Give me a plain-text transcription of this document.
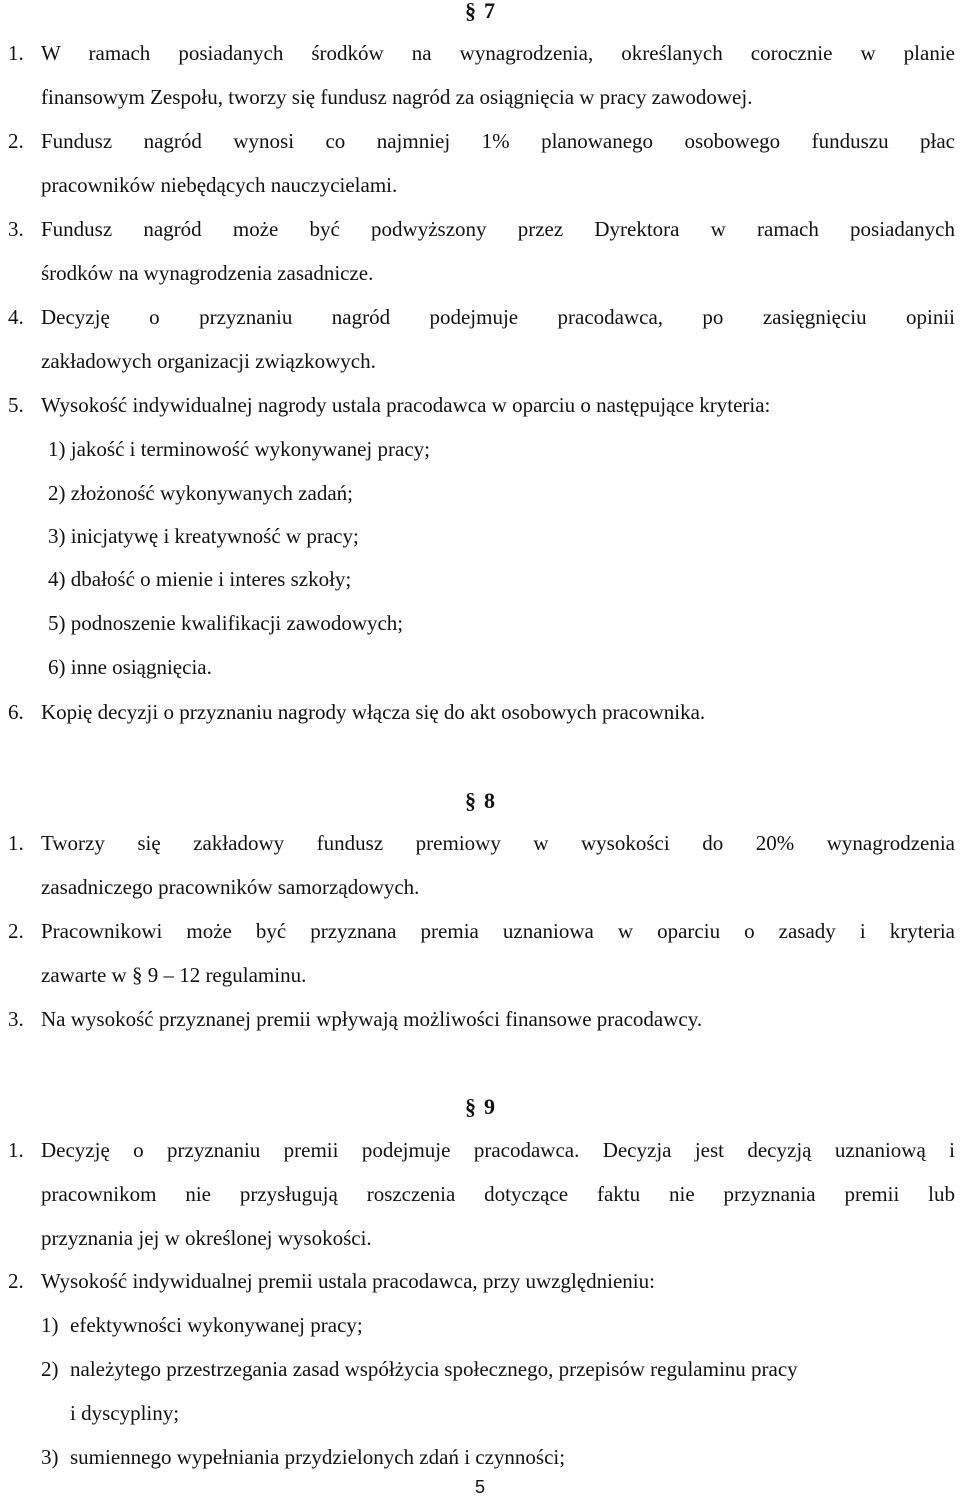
§ 7
1. W ramach posiadanych środków na wynagrodzenia, określanych corocznie w planie
finansowym Zespołu, tworzy się fundusz nagród za osiągnięcia w pracy zawodowej.
2. Fundusz nagród wynosi co najmniej 1% planowanego osobowego funduszu płac
pracowników niebędących nauczycielami.
3. Fundusz nagród może być podwyższony przez Dyrektora w ramach posiadanych
środków na wynagrodzenia zasadnicze.
4. Decyzję o przyznaniu nagród podejmuje pracodawca, po zasięgnięciu opinii
zakładowych organizacji związkowych.
5. Wysokość indywidualnej nagrody ustala pracodawca w oparciu o następujące kryteria:
1) jakość i terminowość wykonywanej pracy;
2) złożoność wykonywanych zadań;
3) inicjatywę i kreatywność w pracy;
4) dbałość o mienie i interes szkoły;
5) podnoszenie kwalifikacji zawodowych;
6) inne osiągnięcia.
6. Kopię decyzji o przyznaniu nagrody włącza się do akt osobowych pracownika.
§ 8
1. Tworzy się zakładowy fundusz premiowy w wysokości do 20% wynagrodzenia
zasadniczego pracowników samorządowych.
2. Pracownikowi może być przyznana premia uznaniowa w oparciu o zasady i kryteria
zawarte w § 9 – 12 regulaminu.
3. Na wysokość przyznanej premii wpływają możliwości finansowe pracodawcy.
§ 9
1. Decyzję o przyznaniu premii podejmuje pracodawca. Decyzja jest decyzją uznaniową i
pracownikom nie przysługują roszczenia dotyczące faktu nie przyznania premii lub
przyznania jej w określonej wysokości.
2. Wysokość indywidualnej premii ustala pracodawca, przy uwzględnieniu:
1) efektywności wykonywanej pracy;
2) należytego przestrzegania zasad współżycia społecznego, przepisów regulaminu pracy
i dyscypliny;
3) sumiennego wypełniania przydzielonych zdań i czynności;
5
